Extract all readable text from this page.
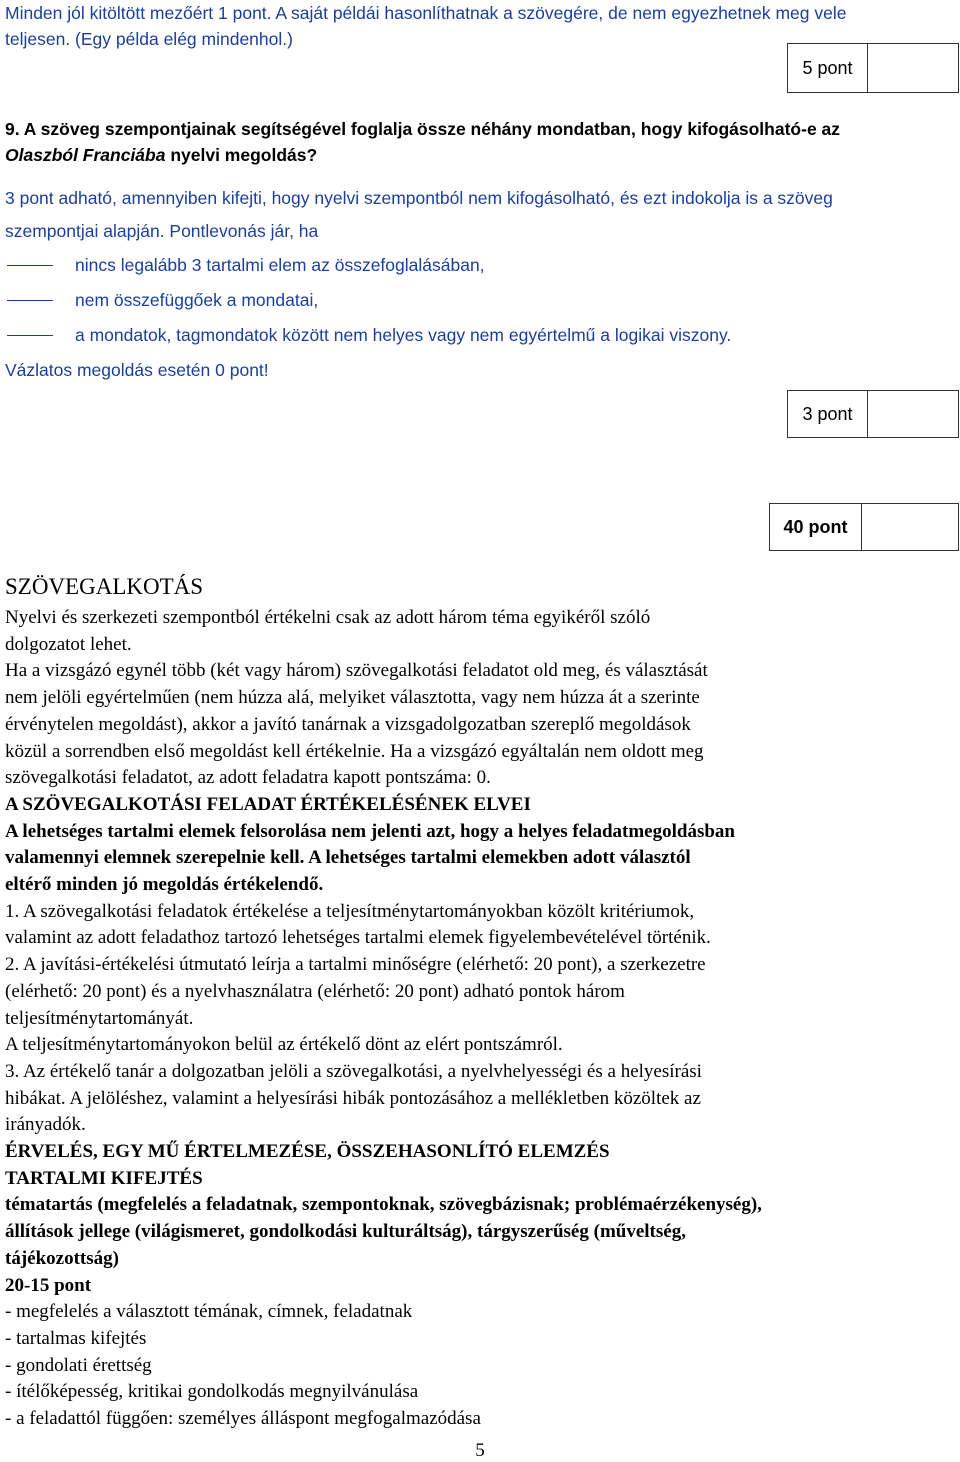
Minden jól kitöltött mezőért 1 pont. A saját példái hasonlíthatnak a szövegére, de nem egyezhetnek meg vele
teljesen. (Egy példa elég mindenhol.)
5 pont
9. A szöveg szempontjainak segítségével foglalja össze néhány mondatban, hogy kifogásolható-e az
Olaszból Franciába nyelvi megoldás?
3 pont adható, amennyiben kifejti, hogy nyelvi szempontból nem kifogásolható, és ezt indokolja is a szöveg
szempontjai alapján. Pontlevonás jár, ha
nincs legalább 3 tartalmi elem az összefoglalásában,
nem összefüggőek a mondatai,
a mondatok, tagmondatok között nem helyes vagy nem egyértelmű a logikai viszony.
Vázlatos megoldás esetén 0 pont!
3 pont
40 pont
SZÖVEGALKOTÁS
Nyelvi és szerkezeti szempontból értékelni csak az adott három téma egyikéről szóló
dolgozatot lehet.
Ha a vizsgázó egynél több (két vagy három) szövegalkotási feladatot old meg, és választását
nem jelöli egyértelműen (nem húzza alá, melyiket választotta, vagy nem húzza át a szerinte
érvénytelen megoldást), akkor a javító tanárnak a vizsgadolgozatban szereplő megoldások
közül a sorrendben első megoldást kell értékelnie. Ha a vizsgázó egyáltalán nem oldott meg
szövegalkotási feladatot, az adott feladatra kapott pontszáma: 0.
A SZÖVEGALKOTÁSI FELADAT ÉRTÉKELÉSÉNEK ELVEI
A lehetséges tartalmi elemek felsorolása nem jelenti azt, hogy a helyes feladatmegoldásban
valamennyi elemnek szerepelnie kell. A lehetséges tartalmi elemekben adott választól
eltérő minden jó megoldás értékelendő.
1. A szövegalkotási feladatok értékelése a teljesítménytartományokban közölt kritériumok,
valamint az adott feladathoz tartozó lehetséges tartalmi elemek figyelembevételével történik.
2. A javítási-értékelési útmutató leírja a tartalmi minőségre (elérhető: 20 pont), a szerkezetre
(elérhető: 20 pont) és a nyelvhasználatra (elérhető: 20 pont) adható pontok három
teljesítménytartományát.
A teljesítménytartományokon belül az értékelő dönt az elért pontszámról.
3. Az értékelő tanár a dolgozatban jelöli a szövegalkotási, a nyelvhelyességi és a helyesírási
hibákat. A jelöléshez, valamint a helyesírási hibák pontozásához a mellékletben közöltek az
irányadók.
ÉRVELÉS, EGY MŰ ÉRTELMEZÉSE, ÖSSZEHASONLÍTÓ ELEMZÉS
TARTALMI KIFEJTÉS
tématartás (megfelelés a feladatnak, szempontoknak, szövegbázisnak; problémaérzékenység),
állítások jellege (világismeret, gondolkodási kulturáltság), tárgyszerűség (műveltség,
tájékozottság)
20-15 pont
- megfelelés a választott témának, címnek, feladatnak
- tartalmas kifejtés
- gondolati érettség
- ítélőképesség, kritikai gondolkodás megnyilvánulása
- a feladattól függően: személyes álláspont megfogalmazódása
5
